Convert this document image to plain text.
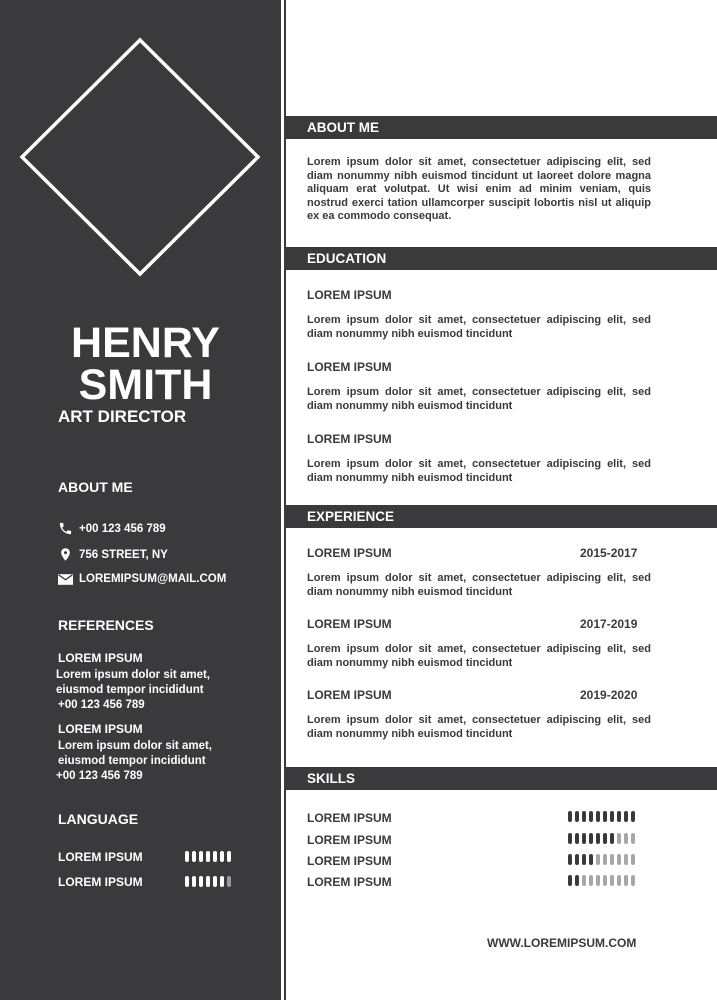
HENRY
SMITH
ART DIRECTOR
ABOUT ME
+00 123 456 789
756 STREET, NY
LOREMIPSUM@MAIL.COM
REFERENCES
LOREM IPSUM
Lorem ipsum dolor sit amet,
eiusmod tempor incididunt
+00 123 456 789
LOREM IPSUM
Lorem ipsum dolor sit amet,
eiusmod tempor incididunt
+00 123 456 789
LANGUAGE
LOREM IPSUM
LOREM IPSUM
ABOUT ME
Lorem ipsum dolor sit amet, consectetuer adipiscing elit, sed diam nonummy nibh euismod tincidunt ut laoreet dolore magna aliquam erat volutpat. Ut wisi enim ad minim veniam, quis nostrud exerci tation ullamcorper suscipit lobortis nisl ut aliquip ex ea commodo consequat.
EDUCATION
LOREM IPSUM
Lorem ipsum dolor sit amet, consectetuer adipiscing elit, sed diam nonummy nibh euismod tincidunt
LOREM IPSUM
Lorem ipsum dolor sit amet, consectetuer adipiscing elit, sed diam nonummy nibh euismod tincidunt
LOREM IPSUM
Lorem ipsum dolor sit amet, consectetuer adipiscing elit, sed diam nonummy nibh euismod tincidunt
EXPERIENCE
LOREM IPSUM	2015-2017
Lorem ipsum dolor sit amet, consectetuer adipiscing elit, sed diam nonummy nibh euismod tincidunt
LOREM IPSUM	2017-2019
Lorem ipsum dolor sit amet, consectetuer adipiscing elit, sed diam nonummy nibh euismod tincidunt
LOREM IPSUM	2019-2020
Lorem ipsum dolor sit amet, consectetuer adipiscing elit, sed diam nonummy nibh euismod tincidunt
SKILLS
LOREM IPSUM
LOREM IPSUM
LOREM IPSUM
LOREM IPSUM
WWW.LOREMIPSUM.COM
